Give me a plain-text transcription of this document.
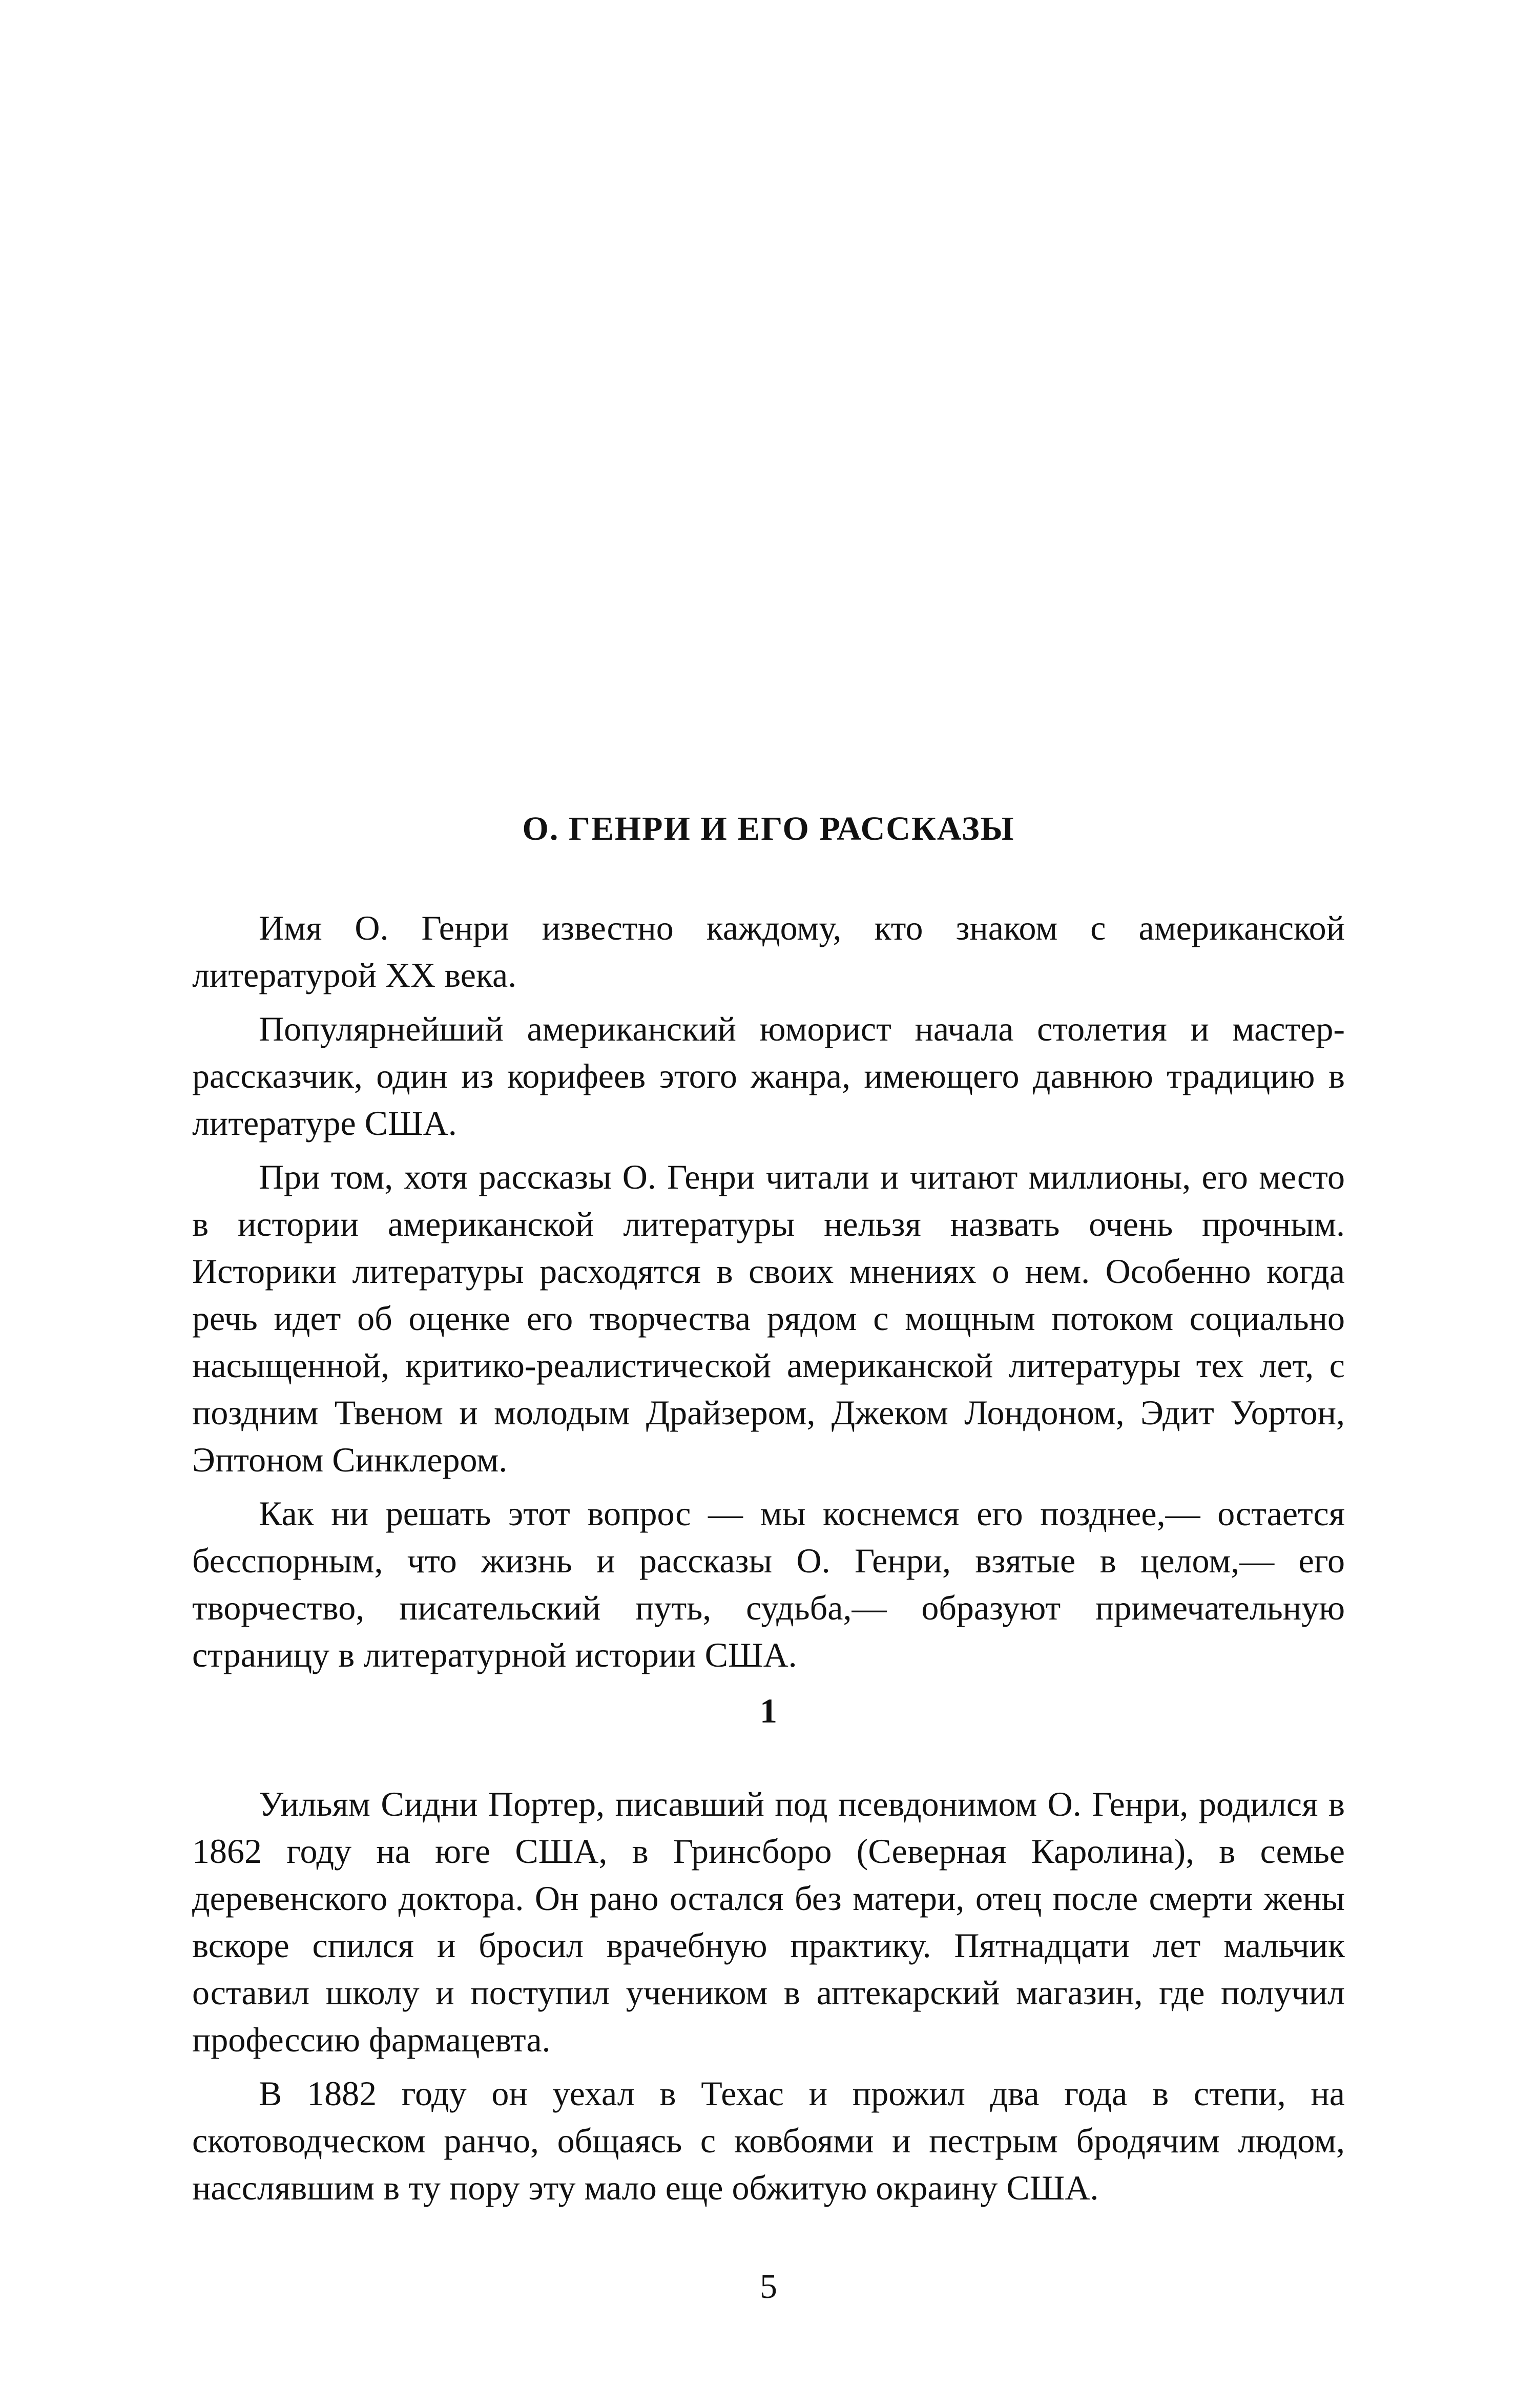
О. ГЕНРИ И ЕГО РАССКАЗЫ

Имя О. Генри известно каждому, кто знаком с американской литературой XX века.

Популярнейший американский юморист начала столетия и мастер-рассказчик, один из корифеев этого жанра, имеющего давнюю традицию в литературе США.

При том, хотя рассказы О. Генри читали и читают миллионы, его место в истории американской литературы нельзя назвать очень прочным. Историки литературы расходятся в своих мнениях о нем. Особенно когда речь идет об оценке его творчества рядом с мощным потоком социально насыщенной, критико-реалистической американской литературы тех лет, с поздним Твеном и молодым Драйзером, Джеком Лондоном, Эдит Уортон, Эптоном Синклером.

Как ни решать этот вопрос — мы коснемся его позднее,— остается бесспорным, что жизнь и рассказы О. Генри, взятые в целом,— его творчество, писательский путь, судьба,— образуют примечательную страницу в литературной истории США.

1

Уильям Сидни Портер, писавший под псевдонимом О. Генри, родился в 1862 году на юге США, в Гринсборо (Северная Каролина), в семье деревенского доктора. Он рано остался без матери, отец после смерти жены вскоре спился и бросил врачебную практику. Пятнадцати лет мальчик оставил школу и поступил учеником в аптекарский магазин, где получил профессию фармацевта.

В 1882 году он уехал в Техас и прожил два года в степи, на скотоводческом ранчо, общаясь с ковбоями и пестрым бродячим людом, насслявшим в ту пору эту мало еще обжитую окраину США.

5
